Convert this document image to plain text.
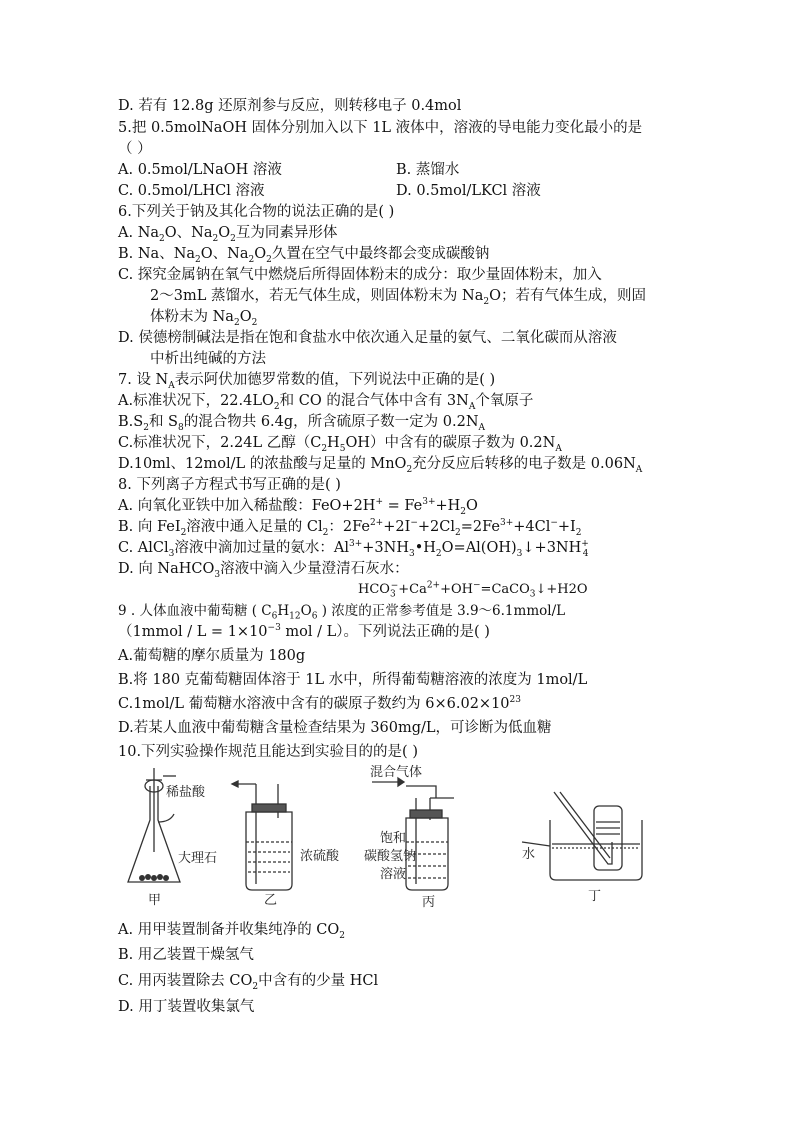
D. 若有 12.8g 还原剂参与反应，则转移电子 0.4mol
5.把 0.5molNaOH 固体分别加入以下 1L 液体中，溶液的导电能力变化最小的是
（ ）
A. 0.5mol/LNaOH 溶液	B. 蒸馏水
C. 0.5mol/LHCl 溶液	D. 0.5mol/LKCl 溶液
6.下列关于钠及其化合物的说法正确的是( )
A. $Na_2O$、$Na_2O_2$互为同素异形体
B. Na、$Na_2O$、$Na_2O_2$久置在空气中最终都会变成碳酸钠
C. 探究金属钠在氧气中燃烧后所得固体粉末的成分：取少量固体粉末，加入
2～3mL 蒸馏水，若无气体生成，则固体粉末为 $Na_2O$；若有气体生成，则固
体粉末为 $Na_2O_2$
D. 侯德榜制碱法是指在饱和食盐水中依次通入足量的氨气、二氧化碳而从溶液
中析出纯碱的方法
7. 设 $N_A$表示阿伏加德罗常数的值，下列说法中正确的是( )
A.标准状况下，$22.4LO_2$和 CO 的混合气体中含有 $3N_A$个氧原子
$B.S_2$和 $S_8$的混合物共 6.4g，所含硫原子数一定为 $0.2N_A$
C.标准状况下，2.24L 乙醇$(C_2H_5OH)$中含有的碳原子数为 $0.2N_A$
D.10ml、12mol/L 的浓盐酸与足量的 MnO$_2$充分反应后转移的电子数是 $0.06N_A$
8. 下列离子方程式书写正确的是( )
A. 向氧化亚铁中加入稀盐酸：$FeO+2H^+ = Fe^{3+}+H_2O$
B. 向 FeI$_2$溶液中通入足量的 $Cl_2$：$2Fe^{2+}+2I^-+2Cl_2=2Fe^{3+}+4Cl^-+I_2$
C. AlCl$_3$溶液中滴加过量的氨水：$Al^{3+}+3NH_3•H_2O=Al(OH)_3↓+3NH^+_4$
D. 向 NaHCO$_3$溶液中滴入少量澄清石灰水：
$HCO_3^-+Ca^{2+}+OH^-=CaCO_3↓+H2O$
9 . 人体血液中葡萄糖 ( $C_6H_{12}O_6$ ) 浓度的正常参考值是 3.9～6.1mmol/L
（1mmol / $L = 1\times 10^{-3}$ mol / L）。下列说法正确的是( )
A.葡萄糖的摩尔质量为 180g
B.将 180 克葡萄糖固体溶于 1L 水中，所得葡萄糖溶液的浓度为 1mol/L
C.1mol/L 葡萄糖水溶液中含有的碳原子数约为 $6\times 6.02\times 10^{23}$
D.若某人血液中葡萄糖含量检查结果为 360mg/L，可诊断为低血糖
10.下列实验操作规范且能达到实验目的的是( )
稀盐酸
大理石
甲
浓硫酸
乙
混合气体
饱和
碳酸氢钠
溶液
丙
水
丁
A. 用甲装置制备并收集纯净的 $CO_2$
B. 用乙装置干燥氢气
C. 用丙装置除去 $CO_2$中含有的少量 HCl
D. 用丁装置收集氯气
